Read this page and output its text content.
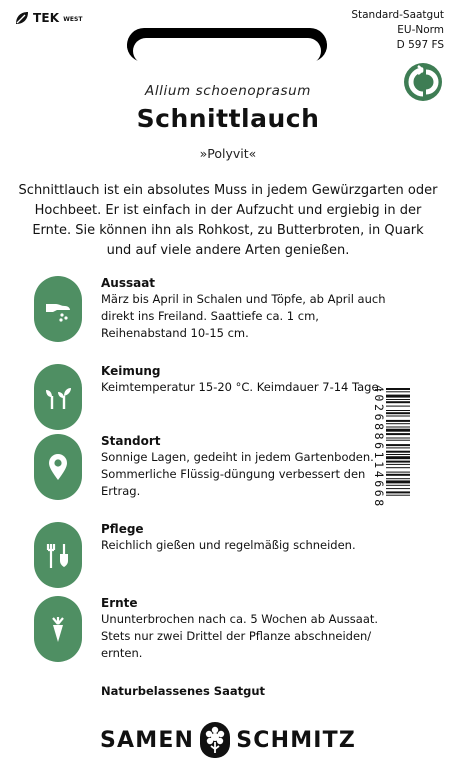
TEK WEST	Standard-Saatgut
EU-Norm
D 597 FS
Allium schoenoprasum
Schnittlauch
»Polyvit«

Schnittlauch ist ein absolutes Muss in jedem Gewürzgarten oder Hochbeet. Er ist einfach in der Aufzucht und ergiebig in der Ernte. Sie können ihn als Rohkost, zu Butterbroten, in Quark und auf viele andere Arten genießen.

Aussaat

März bis April in Schalen und Töpfe, ab April auch direkt ins Freiland. Saattiefe ca. 1 cm, Reihenabstand 10-15 cm.

Keimung

Keimtemperatur 15-20 °C. Keimdauer 7-14 Tage.

Standort

Sonnige Lagen, gedeiht in jedem Gartenboden. Sommerliche Flüssig-düngung verbessert den Ertrag.

Pflege

Reichlich gießen und regelmäßig schneiden.

Ernte

Ununterbrochen nach ca. 5 Wochen ab Aussaat. Stets nur zwei Drittel der Pflanze abschneiden/ ernten.

Naturbelassenes Saatgut
SAMEN SCHMITZ
4026886114668
